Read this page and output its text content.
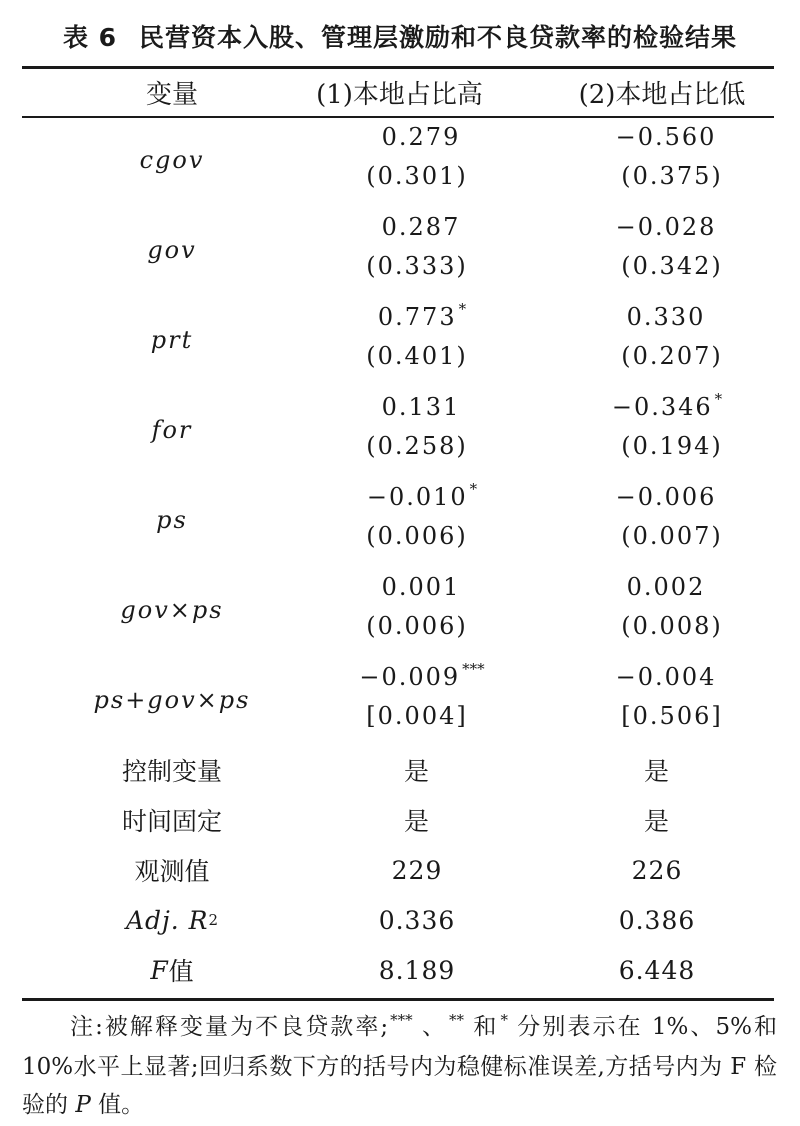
表 6 民营资本入股、管理层激励和不良贷款率的检验结果
变量	(1)本地占比高	(2)本地占比低
cgov
0.279	−0.560
(0.301)	(0.375)
gov
0.287	−0.028
(0.333)	(0.342)
prt
0.773 *	0.330
(0.401)	(0.207)
for
0.131	−0.346 *
(0.258)	(0.194)
ps
−0.010 *	−0.006
(0.006)	(0.007)
gov×ps
0.001	0.002
(0.006)	(0.008)
ps+gov×ps
−0.009 ***	−0.004
[0.004]	[0.506]
控制变量	是	是
时间固定	是	是
观测值	229	226
Adj. R 2	0.336	0.386
F 值	8.189	6.448
注:被解释变量为不良贷款率; *** 、 ** 和 * 分别表示在 1%、5%和 10%水平上显著;回归系数下方的括号内为稳健标准误差,方括号内为 F 检验的 P 值。
